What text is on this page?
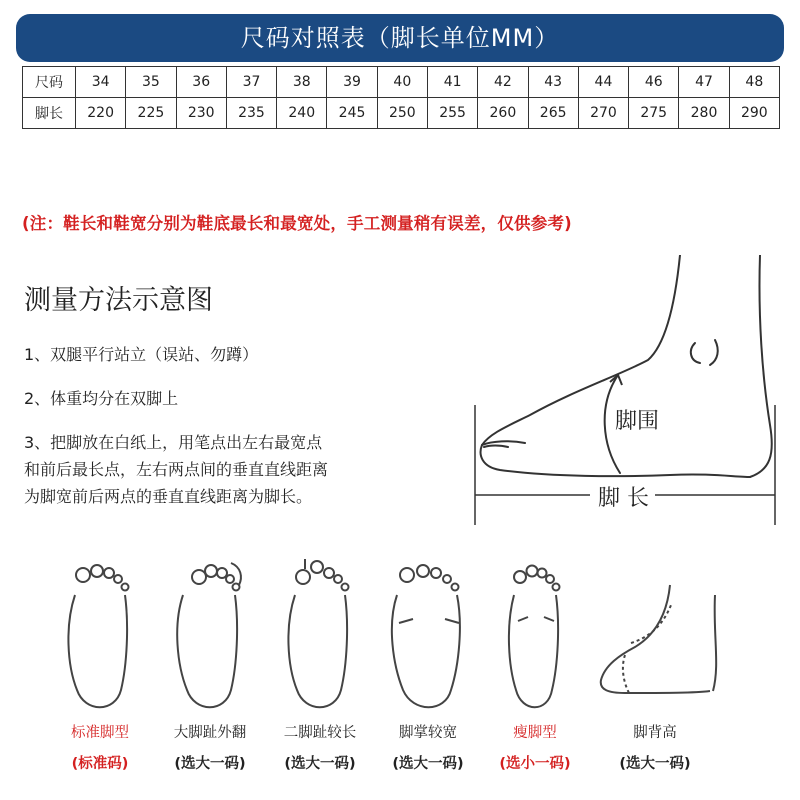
尺码对照表（脚长单位MM）
尺码	34	35	36	37	38	39	40	41	42	43	44	46	47	48
脚长	220	225	230	235	240	245	250	255	260	265	270	275	280	290
(注：鞋长和鞋宽分别为鞋底最长和最宽处，手工测量稍有误差，仅供参考)
测量方法示意图
1、双腿平行站立（误站、勿蹲）
2、体重均分在双脚上
3、把脚放在白纸上，用笔点出左右最宽点
和前后最长点，左右两点间的垂直直线距离
为脚宽前后两点的垂直直线距离为脚长。
脚围
脚 长
标准脚型
(标准码)
大脚趾外翻
(选大一码)
二脚趾较长
(选大一码)
脚掌较宽
(选大一码)
瘦脚型
(选小一码)
脚背高
(选大一码)
